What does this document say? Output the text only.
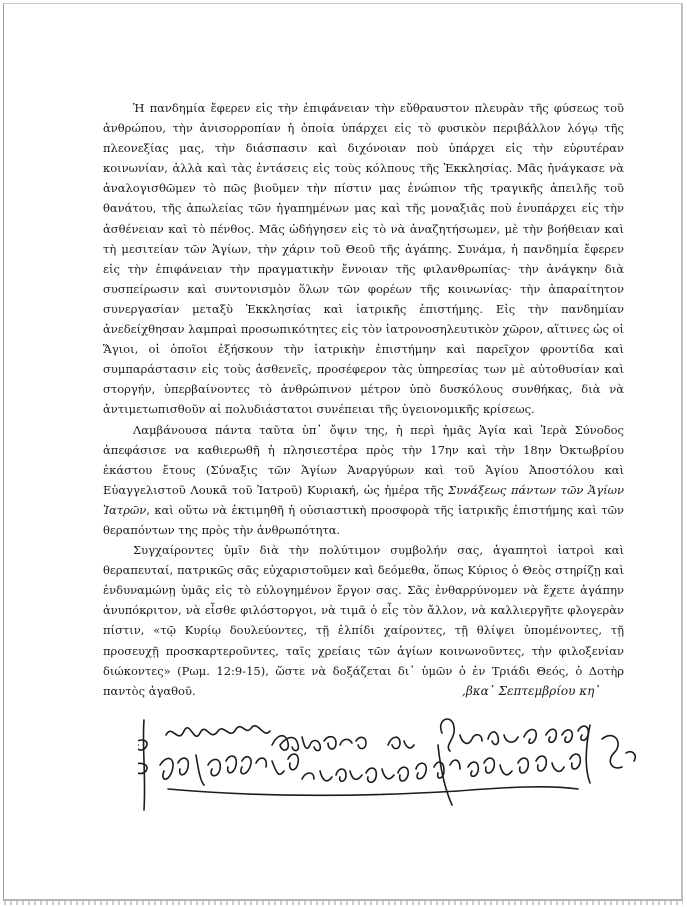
Ἡ πανδημία ἔφερεν εἰς τὴν ἐπιφάνειαν τὴν εὔθραυστον πλευρὰν τῆς φύσεως τοῦ ἀνθρώπου, τὴν ἀνισορροπίαν ἡ ὁποία ὑπάρχει εἰς τὸ φυσικὸν περιβάλλον λόγῳ τῆς πλεονεξίας μας, τὴν διάσπασιν καὶ διχόνοιαν ποὺ ὑπάρχει εἰς τὴν εὐρυτέραν κοινωνίαν, ἀλλὰ καὶ τὰς ἐντάσεις εἰς τοὺς κόλπους τῆς Ἐκκλησίας. Μᾶς ἠνάγκασε νὰ ἀναλογισθῶμεν τὸ πῶς βιοῦμεν τὴν πίστιν μας ἐνώπιον τῆς τραγικῆς ἀπειλῆς τοῦ θανάτου, τῆς ἀπωλείας τῶν ἠγαπημένων μας καὶ τῆς μοναξιᾶς ποὺ ἐνυπάρχει εἰς τὴν ἀσθένειαν καὶ τὸ πένθος. Μᾶς ὡδήγησεν εἰς τὸ νὰ ἀναζητήσωμεν, μὲ τὴν βοήθειαν καὶ τὴ μεσιτείαν τῶν Ἁγίων, τὴν χάριν τοῦ Θεοῦ τῆς ἀγάπης. Συνάμα, ἡ πανδημία ἔφερεν εἰς τὴν ἐπιφάνειαν τὴν πραγματικὴν ἔννοιαν τῆς φιλανθρωπίας· τὴν ἀνάγκην διὰ συσπείρωσιν καὶ συντονισμὸν ὅλων τῶν φορέων τῆς κοινωνίας· τὴν ἀπαραίτητον συνεργασίαν μεταξὺ Ἐκκλησίας καὶ ἰατρικῆς ἐπιστήμης. Εἰς τὴν πανδημίαν ἀνεδείχθησαν λαμπραὶ προσωπικότητες εἰς τὸν ἰατρονοσηλευτικὸν χῶρον, αἵτινες ὡς οἱ Ἅγιοι, οἱ ὁποῖοι ἐξήσκουν τὴν ἰατρικὴν ἐπιστήμην καὶ παρεῖχον φροντίδα καὶ συμπαράστασιν εἰς τοὺς ἀσθενεῖς, προσέφερον τὰς ὑπηρεσίας των μὲ αὐτοθυσίαν καὶ στοργήν, ὑπερβαίνοντες τὸ ἀνθρώπινον μέτρον ὑπὸ δυσκόλους συνθήκας, διὰ νὰ ἀντιμετωπισθοῦν αἱ πολυδιάστατοι συνέπειαι τῆς ὑγειονομικῆς κρίσεως.

Λαμβάνουσα πάντα ταῦτα ὑπ᾽ ὄψιν της, ἡ περὶ ἡμᾶς Ἁγία καὶ Ἱερὰ Σύνοδος ἀπεφάσισε να καθιερωθῆ ἡ πλησιεστέρα πρὸς τὴν 17ην καὶ τὴν 18ην Ὀκτωβρίου ἑκάστου ἔτους (Σύναξις τῶν Ἁγίων Ἀναργύρων καὶ τοῦ Ἁγίου Ἀποστόλου καὶ Εὐαγγελιστοῦ Λουκᾶ τοῦ Ἰατροῦ) Κυριακή, ὡς ἡμέρα τῆς Συνάξεως πάντων τῶν Ἁγίων Ἰατρῶν, καὶ οὕτω νὰ ἐκτιμηθῆ ἡ οὐσιαστικὴ προσφορὰ τῆς ἰατρικῆς ἐπιστήμης καὶ τῶν θεραπόντων της πρὸς τὴν ἀνθρωπότητα.

Συγχαίροντες ὑμῖν διὰ τὴν πολύτιμον συμβολήν σας, ἀγαπητοὶ ἰατροὶ καὶ θεραπευταί, πατρικῶς σᾶς εὐχαριστοῦμεν καὶ δεόμεθα, ὅπως Κύριος ὁ Θεὸς στηρίζῃ καὶ ἐνδυναμώνῃ ὑμᾶς εἰς τὸ εὐλογημένον ἔργον σας. Σᾶς ἐνθαρρύνομεν νὰ ἔχετε ἀγάπην ἀνυπόκριτον, νὰ εἶσθε φιλόστοργοι, νὰ τιμᾶ ὁ εἷς τὸν ἄλλον, νὰ καλλιεργῆτε φλογερὰν πίστιν, «τῷ Κυρίῳ δουλεύοντες, τῇ ἐλπίδι χαίροντες, τῇ θλίψει ὑπομένοντες, τῇ προσευχῇ προσκαρτεροῦντες, ταῖς χρείαις τῶν ἁγίων κοινωνοῦντες, τὴν φιλοξενίαν διώκοντες» (Ρωμ. 12:9-15), ὥστε νὰ δοξάζεται δι᾽ ὑμῶν ὁ ἐν Τριάδι Θεός, ὁ Δοτὴρ παντὸς ἀγαθοῦ.	,βκα᾽ Σεπτεμβρίου κη᾽
